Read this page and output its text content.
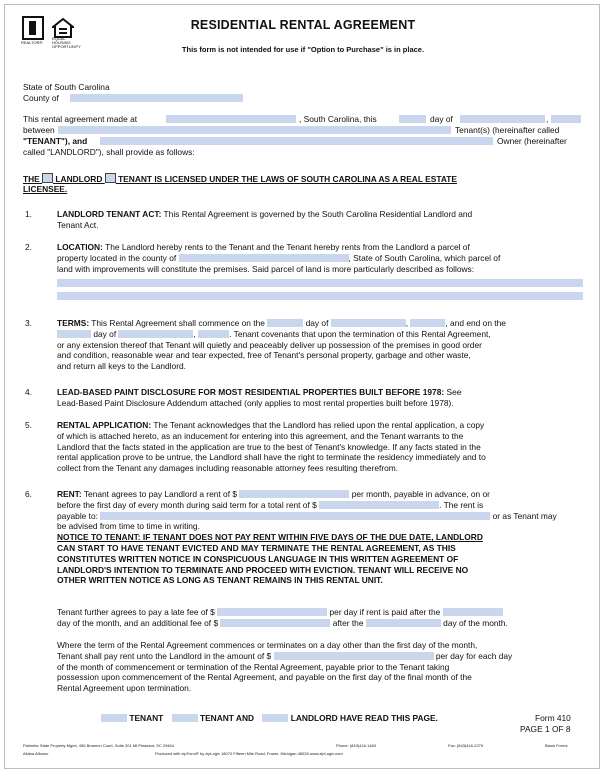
REALTOR®
EQUAL HOUSING OPPORTUNITY
RESIDENTIAL RENTAL AGREEMENT
This form is not intended for use if "Option to Purchase" is in place.
State of South Carolina
County of
This rental agreement made at	, South Carolina, this	day of	,
between	Tenant(s) (hereinafter called
"TENANT"), and	Owner (hereinafter
called "LANDLORD"), shall provide as follows:
THE LANDLORD TENANT IS LICENSED UNDER THE LAWS OF SOUTH CAROLINA AS A REAL ESTATE
LICENSEE.
1.	LANDLORD TENANT ACT: This Rental Agreement is governed by the South Carolina Residential Landlord and
Tenant Act.
2.	LOCATION: The Landlord hereby rents to the Tenant and the Tenant hereby rents from the Landlord a parcel of
property located in the county of	, State of South Carolina, which parcel of
land with improvements will constitute the premises. Said parcel of land is more particularly described as follows:
3.	TERMS: This Rental Agreement shall commence on the	day of	,	, and end on the
day of	,	. Tenant covenants that upon the termination of this Rental Agreement,
or any extension thereof that Tenant will quietly and peaceably deliver up possession of the premises in good order
and condition, reasonable wear and tear expected, free of Tenant's personal property, garbage and other waste,
and return all keys to the Landlord.
4.	LEAD-BASED PAINT DISCLOSURE FOR MOST RESIDENTIAL PROPERTIES BUILT BEFORE 1978: See
Lead-Based Paint Disclosure Addendum attached (only applies to most rental properties built before 1978).
5.	RENTAL APPLICATION: The Tenant acknowledges that the Landlord has relied upon the rental application, a copy
of which is attached hereto, as an inducement for entering into this agreement, and the Tenant warrants to the
Landlord that the facts stated in the application are true to the best of Tenant's knowledge. If any facts stated in the
rental application prove to be untrue, the Landlord shall have the right to terminate the residency immediately and to
collect from the Tenant any damages including reasonable attorney fees resulting therefrom.
6.	RENT: Tenant agrees to pay Landlord a rent of $	per month, payable in advance, on or
before the first day of every month during said term for a total rent of $	. The rent is
payable to:	or as Tenant may
be advised from time to time in writing.
NOTICE TO TENANT: IF TENANT DOES NOT PAY RENT WITHIN FIVE DAYS OF THE DUE DATE, LANDLORD
CAN START TO HAVE TENANT EVICTED AND MAY TERMINATE THE RENTAL AGREEMENT, AS THIS
CONSTITUTES WRITTEN NOTICE IN CONSPICUOUS LANGUAGE IN THIS WRITTEN AGREEMENT OF
LANDLORD'S INTENTION TO TERMINATE AND PROCEED WITH EVICTION. TENANT WILL RECEIVE NO
OTHER WRITTEN NOTICE AS LONG AS TENANT REMAINS IN THIS RENTAL UNIT.
Tenant further agrees to pay a late fee of $	per day if rent is paid after the
day of the month, and an additional fee of $	after the	day of the month.
Where the term of the Rental Agreement commences or terminates on a day other than the first day of the month,
Tenant shall pay rent unto the Landlord in the amount of $	per day for each day
of the month of commencement or termination of the Rental Agreement, payable prior to the Tenant taking
possession upon commencement of the Rental Agreement, and payable on the first day of the final month of the
Rental Agreement upon termination.
TENANT	TENANT AND	LANDLORD HAVE READ THIS PAGE.	Form 410
PAGE 1 OF 8
Palmetto State Property Mgmt, 496 Brannon Court, Suite 201 Mt Pleasant, SC 29464	Phone: (843)416-1463	Fax: (843)416-2279	Blank Forms
Aliaha Alfonso	Produced with zipForm® by zipLogix 18070 Fifteen Mile Road, Fraser, Michigan 48026 www.zipLogix.com
